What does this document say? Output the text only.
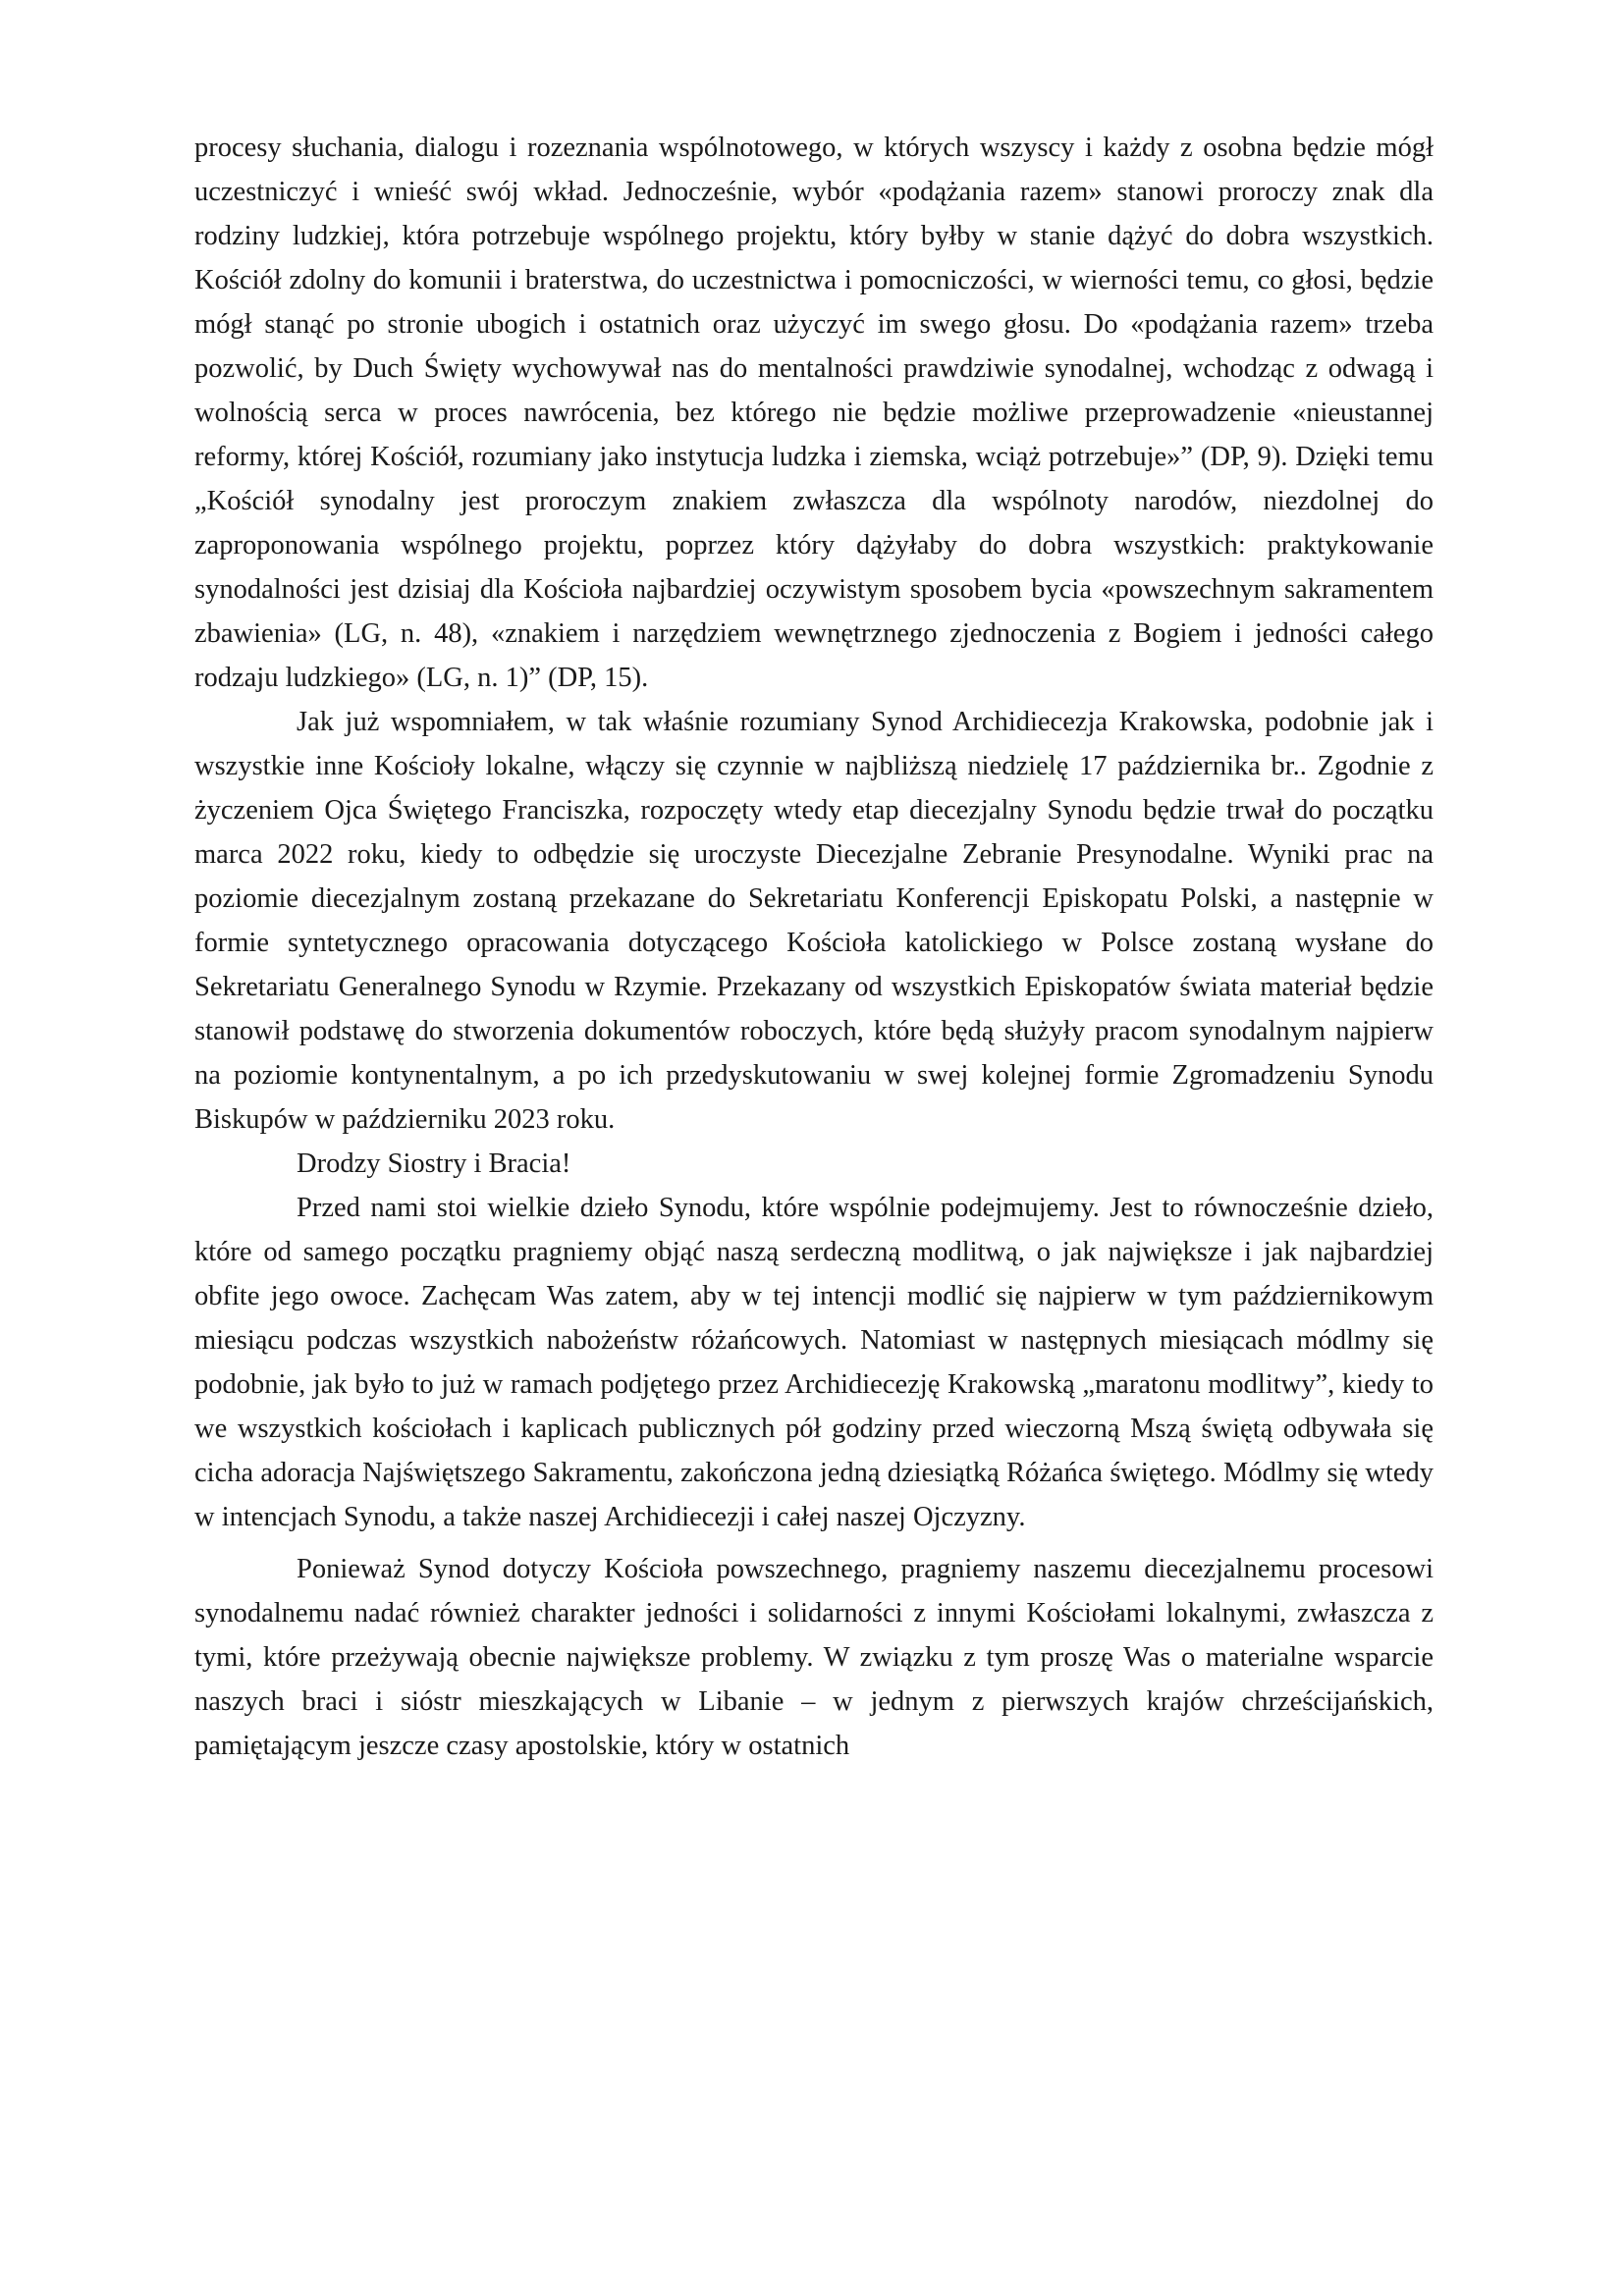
procesy słuchania, dialogu i rozeznania wspólnotowego, w których wszyscy i każdy z osobna będzie mógł uczestniczyć i wnieść swój wkład. Jednocześnie, wybór «podążania razem» stanowi proroczy znak dla rodziny ludzkiej, która potrzebuje wspólnego projektu, który byłby w stanie dążyć do dobra wszystkich. Kościół zdolny do komunii i braterstwa, do uczestnictwa i pomocniczości, w wierności temu, co głosi, będzie mógł stanąć po stronie ubogich i ostatnich oraz użyczyć im swego głosu. Do «podążania razem» trzeba pozwolić, by Duch Święty wychowywał nas do mentalności prawdziwie synodalnej, wchodząc z odwagą i wolnością serca w proces nawrócenia, bez którego nie będzie możliwe przeprowadzenie «nieustannej reformy, której Kościół, rozumiany jako instytucja ludzka i ziemska, wciąż potrzebuje»” (DP, 9). Dzięki temu „Kościół synodalny jest proroczym znakiem zwłaszcza dla wspólnoty narodów, niezdolnej do zaproponowania wspólnego projektu, poprzez który dążyłaby do dobra wszystkich: praktykowanie synodalności jest dzisiaj dla Kościoła najbardziej oczywistym sposobem bycia «powszechnym sakramentem zbawienia» (LG, n. 48), «znakiem i narzędziem wewnętrznego zjednoczenia z Bogiem i jedności całego rodzaju ludzkiego» (LG, n. 1)” (DP, 15).

Jak już wspomniałem, w tak właśnie rozumiany Synod Archidiecezja Krakowska, podobnie jak i wszystkie inne Kościoły lokalne, włączy się czynnie w najbliższą niedzielę 17 października br.. Zgodnie z życzeniem Ojca Świętego Franciszka, rozpoczęty wtedy etap diecezjalny Synodu będzie trwał do początku marca 2022 roku, kiedy to odbędzie się uroczyste Diecezjalne Zebranie Presynodalne. Wyniki prac na poziomie diecezjalnym zostaną przekazane do Sekretariatu Konferencji Episkopatu Polski, a następnie w formie syntetycznego opracowania dotyczącego Kościoła katolickiego w Polsce zostaną wysłane do Sekretariatu Generalnego Synodu w Rzymie. Przekazany od wszystkich Episkopatów świata materiał będzie stanowił podstawę do stworzenia dokumentów roboczych, które będą służyły pracom synodalnym najpierw na poziomie kontynentalnym, a po ich przedyskutowaniu w swej kolejnej formie Zgromadzeniu Synodu Biskupów w październiku 2023 roku.

Drodzy Siostry i Bracia!

Przed nami stoi wielkie dzieło Synodu, które wspólnie podejmujemy. Jest to równocześnie dzieło, które od samego początku pragniemy objąć naszą serdeczną modlitwą, o jak największe i jak najbardziej obfite jego owoce. Zachęcam Was zatem, aby w tej intencji modlić się najpierw w tym październikowym miesiącu podczas wszystkich nabożeństw różańcowych. Natomiast w następnych miesiącach módlmy się podobnie, jak było to już w ramach podjętego przez Archidiecezję Krakowską „maratonu modlitwy”, kiedy to we wszystkich kościołach i kaplicach publicznych pół godziny przed wieczorną Mszą świętą odbywała się cicha adoracja Najświętszego Sakramentu, zakończona jedną dziesiątką Różańca świętego. Módlmy się wtedy w intencjach Synodu, a także naszej Archidiecezji i całej naszej Ojczyzny.

Ponieważ Synod dotyczy Kościoła powszechnego, pragniemy naszemu diecezjalnemu procesowi synodalnemu nadać również charakter jedności i solidarności z innymi Kościołami lokalnymi, zwłaszcza z tymi, które przeżywają obecnie największe problemy. W związku z tym proszę Was o materialne wsparcie naszych braci i sióstr mieszkających w Libanie – w jednym z pierwszych krajów chrześcijańskich, pamiętającym jeszcze czasy apostolskie, który w ostatnich
